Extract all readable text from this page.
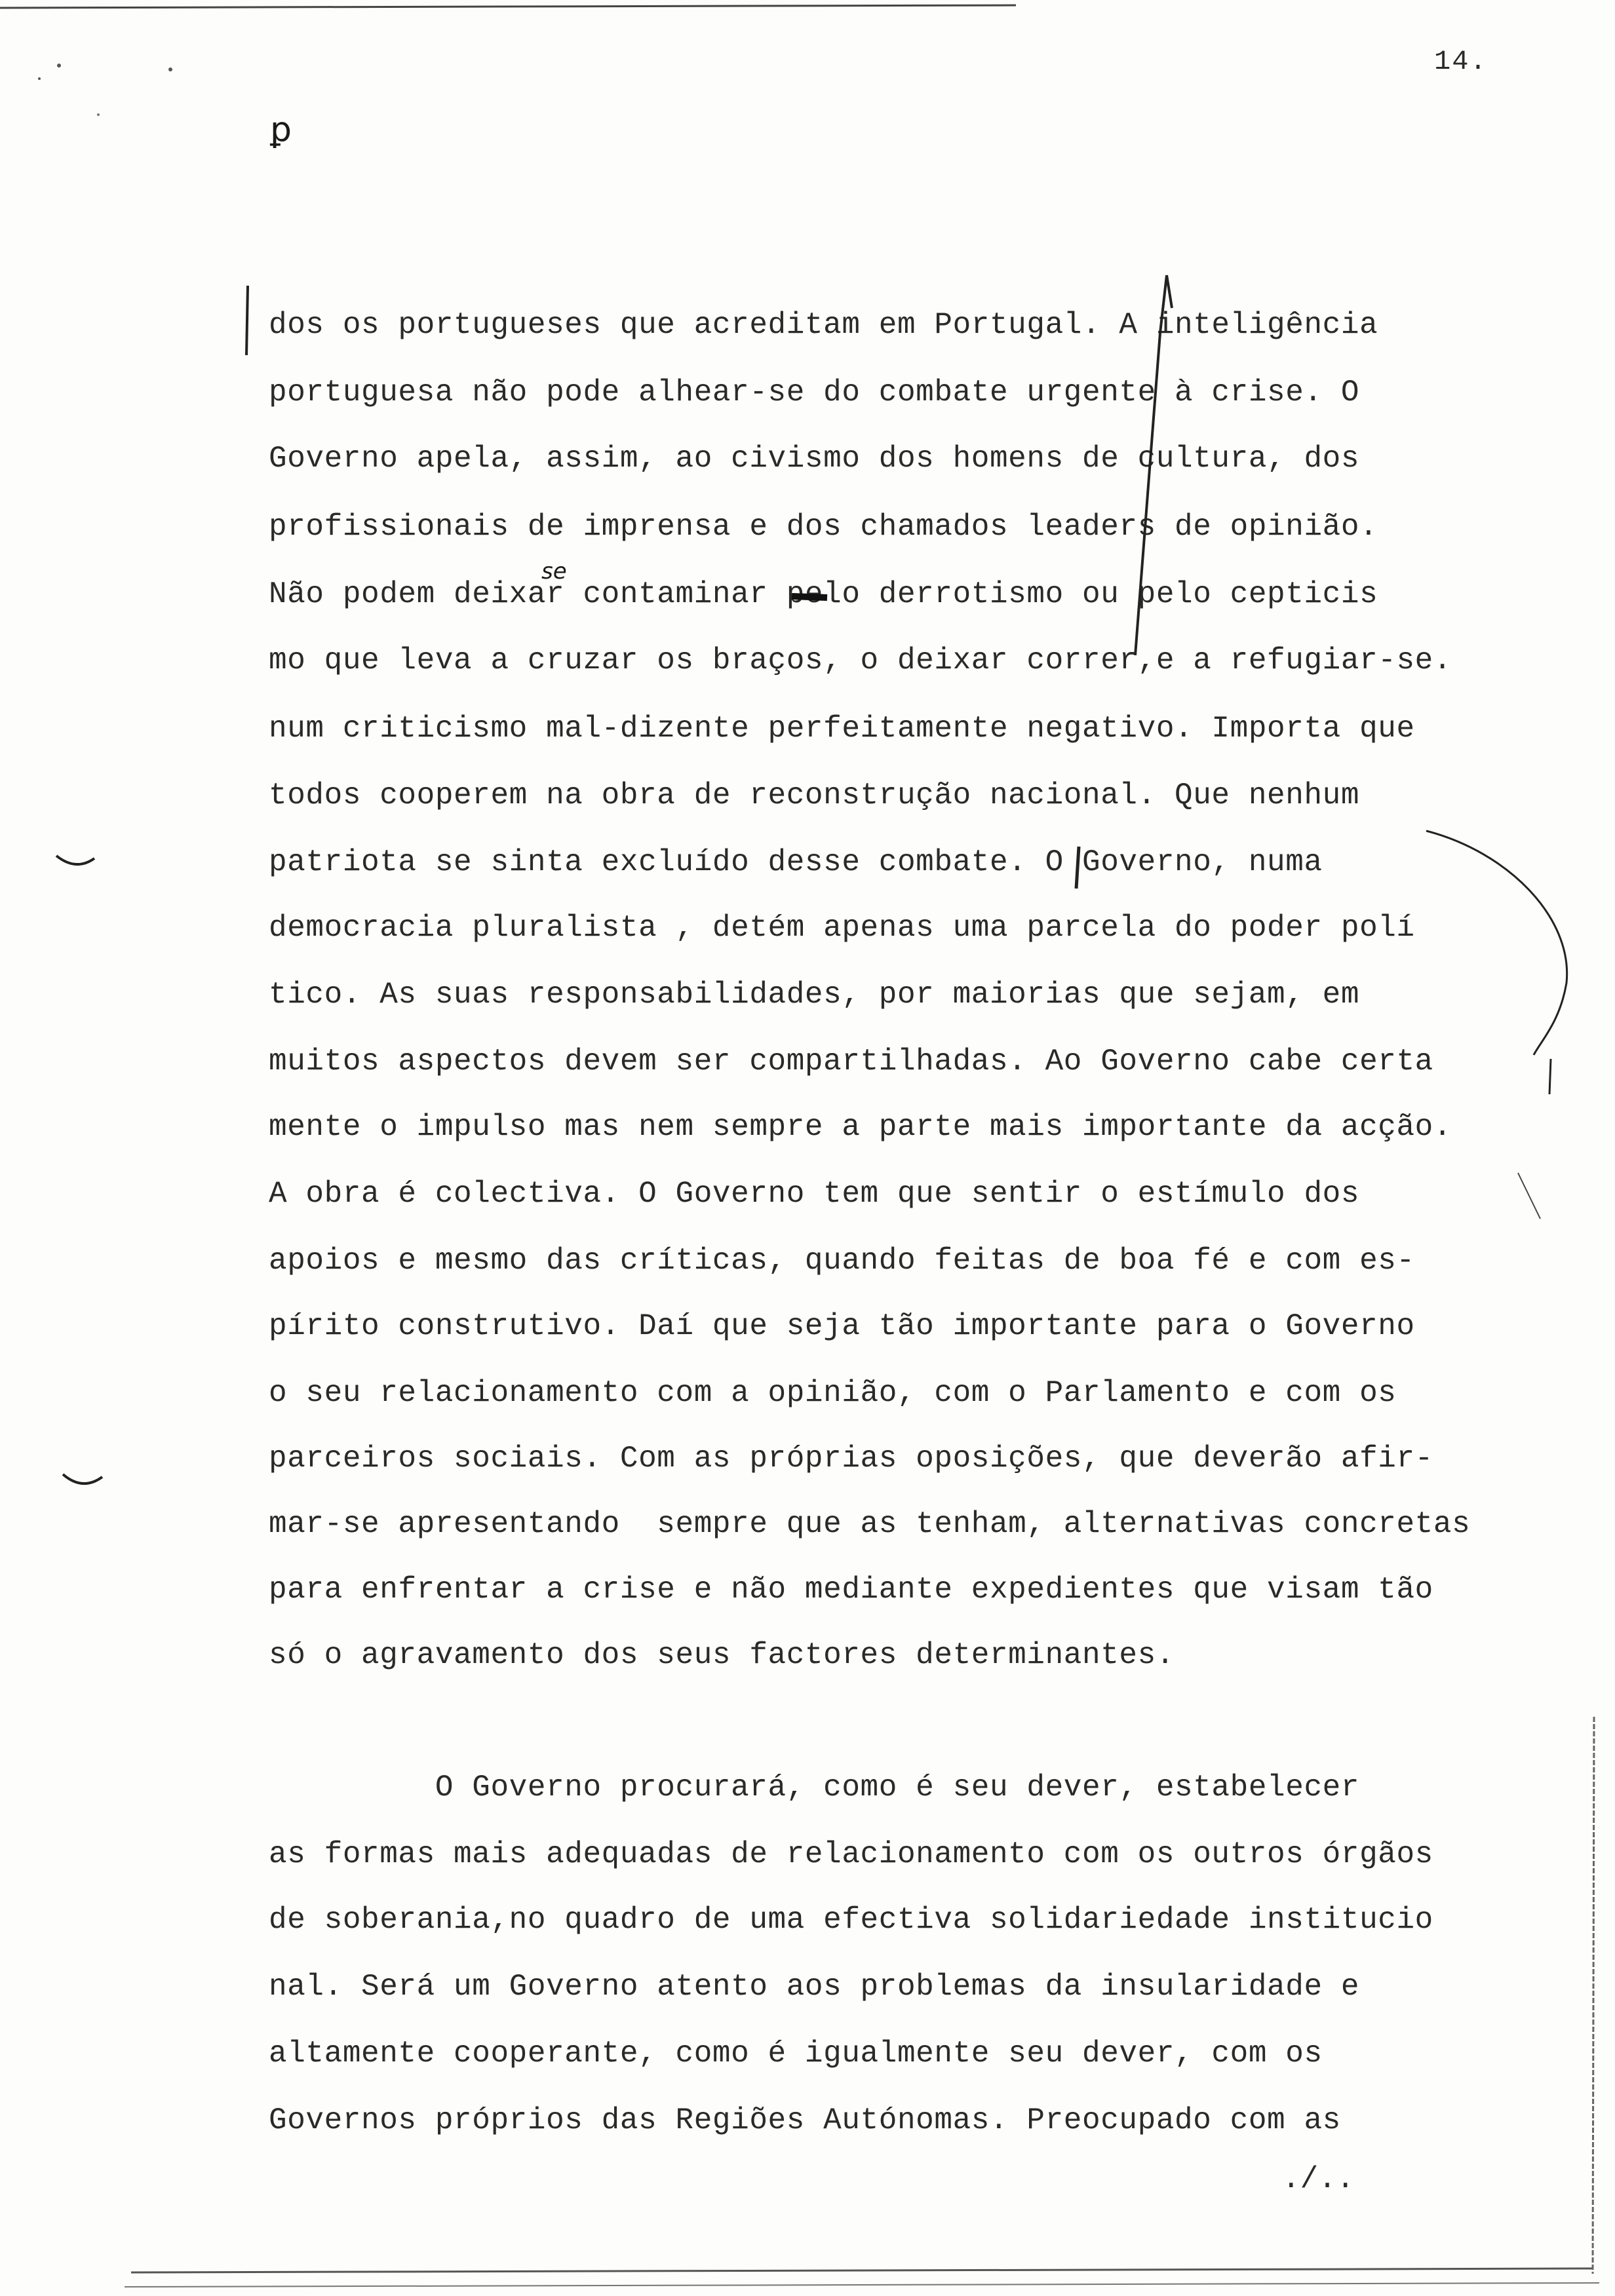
14.
ꝑ
se
dos os portugueses que acreditam em Portugal. A inteligência
portuguesa não pode alhear-se do combate urgente à crise. O
Governo apela, assim, ao civismo dos homens de cultura, dos
profissionais de imprensa e dos chamados leaders de opinião.
Não podem deixar contaminar pelo derrotismo ou pelo cepticis
mo que leva a cruzar os braços, o deixar correr,e a refugiar-se.
num criticismo mal-dizente perfeitamente negativo. Importa que
todos cooperem na obra de reconstrução nacional. Que nenhum
patriota se sinta excluído desse combate. O Governo, numa
democracia pluralista , detém apenas uma parcela do poder polí
tico. As suas responsabilidades, por maiorias que sejam, em
muitos aspectos devem ser compartilhadas. Ao Governo cabe certa
mente o impulso mas nem sempre a parte mais importante da acção.
A obra é colectiva. O Governo tem que sentir o estímulo dos
apoios e mesmo das críticas, quando feitas de boa fé e com es-
pírito construtivo. Daí que seja tão importante para o Governo
o seu relacionamento com a opinião, com o Parlamento e com os
parceiros sociais. Com as próprias oposições, que deverão afir-
mar-se apresentando  sempre que as tenham, alternativas concretas
para enfrentar a crise e não mediante expedientes que visam tão
só o agravamento dos seus factores determinantes.
O Governo procurará, como é seu dever, estabelecer
as formas mais adequadas de relacionamento com os outros órgãos
de soberania,no quadro de uma efectiva solidariedade institucio
nal. Será um Governo atento aos problemas da insularidade e
altamente cooperante, como é igualmente seu dever, com os
Governos próprios das Regiões Autónomas. Preocupado com as
./..
